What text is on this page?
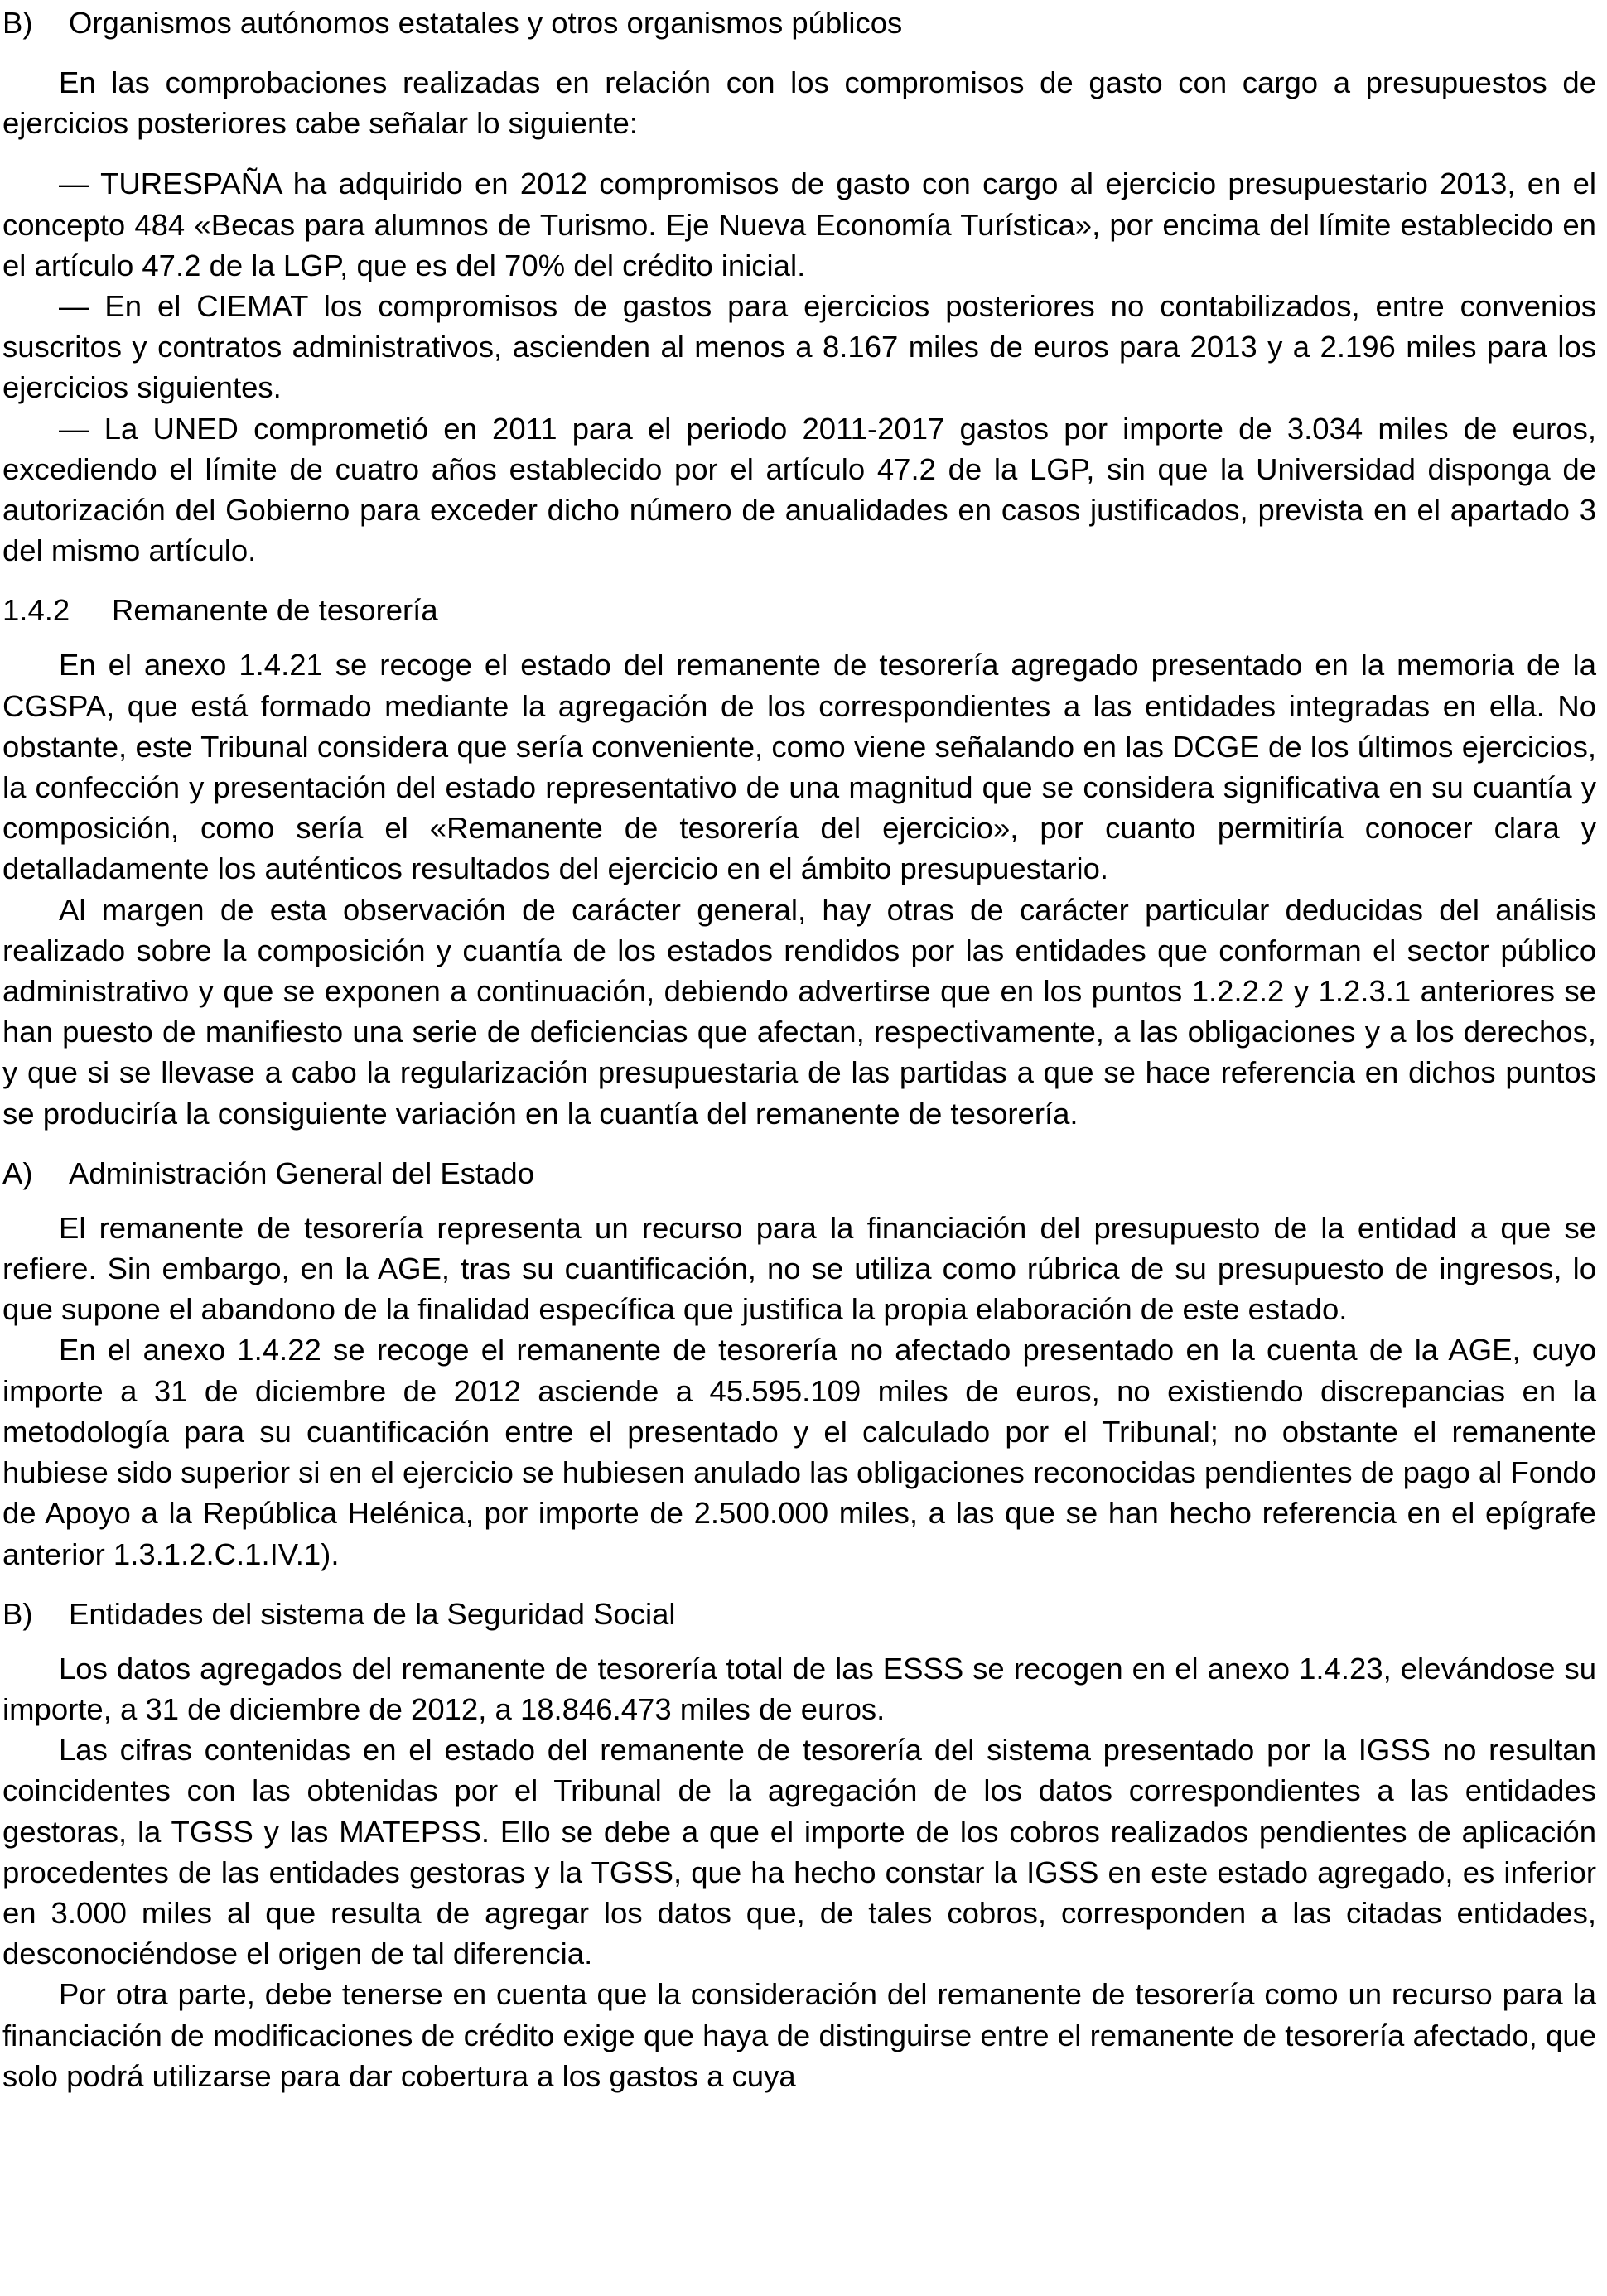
B) Organismos autónomos estatales y otros organismos públicos

En las comprobaciones realizadas en relación con los compromisos de gasto con cargo a presupuestos de ejercicios posteriores cabe señalar lo siguiente:

— TURESPAÑA ha adquirido en 2012 compromisos de gasto con cargo al ejercicio presupuestario 2013, en el concepto 484 «Becas para alumnos de Turismo. Eje Nueva Economía Turística», por encima del límite establecido en el artículo 47.2 de la LGP, que es del 70% del crédito inicial.

— En el CIEMAT los compromisos de gastos para ejercicios posteriores no contabilizados, entre convenios suscritos y contratos administrativos, ascienden al menos a 8.167 miles de euros para 2013 y a 2.196 miles para los ejercicios siguientes.

— La UNED comprometió en 2011 para el periodo 2011-2017 gastos por importe de 3.034 miles de euros, excediendo el límite de cuatro años establecido por el artículo 47.2 de la LGP, sin que la Universidad disponga de autorización del Gobierno para exceder dicho número de anualidades en casos justificados, prevista en el apartado 3 del mismo artículo.

1.4.2 Remanente de tesorería

En el anexo 1.4.21 se recoge el estado del remanente de tesorería agregado presentado en la memoria de la CGSPA, que está formado mediante la agregación de los correspondientes a las entidades integradas en ella. No obstante, este Tribunal considera que sería conveniente, como viene señalando en las DCGE de los últimos ejercicios, la confección y presentación del estado representativo de una magnitud que se considera significativa en su cuantía y composición, como sería el «Remanente de tesorería del ejercicio», por cuanto permitiría conocer clara y detalladamente los auténticos resultados del ejercicio en el ámbito presupuestario.

Al margen de esta observación de carácter general, hay otras de carácter particular deducidas del análisis realizado sobre la composición y cuantía de los estados rendidos por las entidades que conforman el sector público administrativo y que se exponen a continuación, debiendo advertirse que en los puntos 1.2.2.2 y 1.2.3.1 anteriores se han puesto de manifiesto una serie de deficiencias que afectan, respectivamente, a las obligaciones y a los derechos, y que si se llevase a cabo la regularización presupuestaria de las partidas a que se hace referencia en dichos puntos se produciría la consiguiente variación en la cuantía del remanente de tesorería.

A) Administración General del Estado

El remanente de tesorería representa un recurso para la financiación del presupuesto de la entidad a que se refiere. Sin embargo, en la AGE, tras su cuantificación, no se utiliza como rúbrica de su presupuesto de ingresos, lo que supone el abandono de la finalidad específica que justifica la propia elaboración de este estado.

En el anexo 1.4.22 se recoge el remanente de tesorería no afectado presentado en la cuenta de la AGE, cuyo importe a 31 de diciembre de 2012 asciende a 45.595.109 miles de euros, no existiendo discrepancias en la metodología para su cuantificación entre el presentado y el calculado por el Tribunal; no obstante el remanente hubiese sido superior si en el ejercicio se hubiesen anulado las obligaciones reconocidas pendientes de pago al Fondo de Apoyo a la República Helénica, por importe de 2.500.000 miles, a las que se han hecho referencia en el epígrafe anterior 1.3.1.2.C.1.IV.1).

B) Entidades del sistema de la Seguridad Social

Los datos agregados del remanente de tesorería total de las ESSS se recogen en el anexo 1.4.23, elevándose su importe, a 31 de diciembre de 2012, a 18.846.473 miles de euros.

Las cifras contenidas en el estado del remanente de tesorería del sistema presentado por la IGSS no resultan coincidentes con las obtenidas por el Tribunal de la agregación de los datos correspondientes a las entidades gestoras, la TGSS y las MATEPSS. Ello se debe a que el importe de los cobros realizados pendientes de aplicación procedentes de las entidades gestoras y la TGSS, que ha hecho constar la IGSS en este estado agregado, es inferior en 3.000 miles al que resulta de agregar los datos que, de tales cobros, corresponden a las citadas entidades, desconociéndose el origen de tal diferencia.

Por otra parte, debe tenerse en cuenta que la consideración del remanente de tesorería como un recurso para la financiación de modificaciones de crédito exige que haya de distinguirse entre el remanente de tesorería afectado, que solo podrá utilizarse para dar cobertura a los gastos a cuya
